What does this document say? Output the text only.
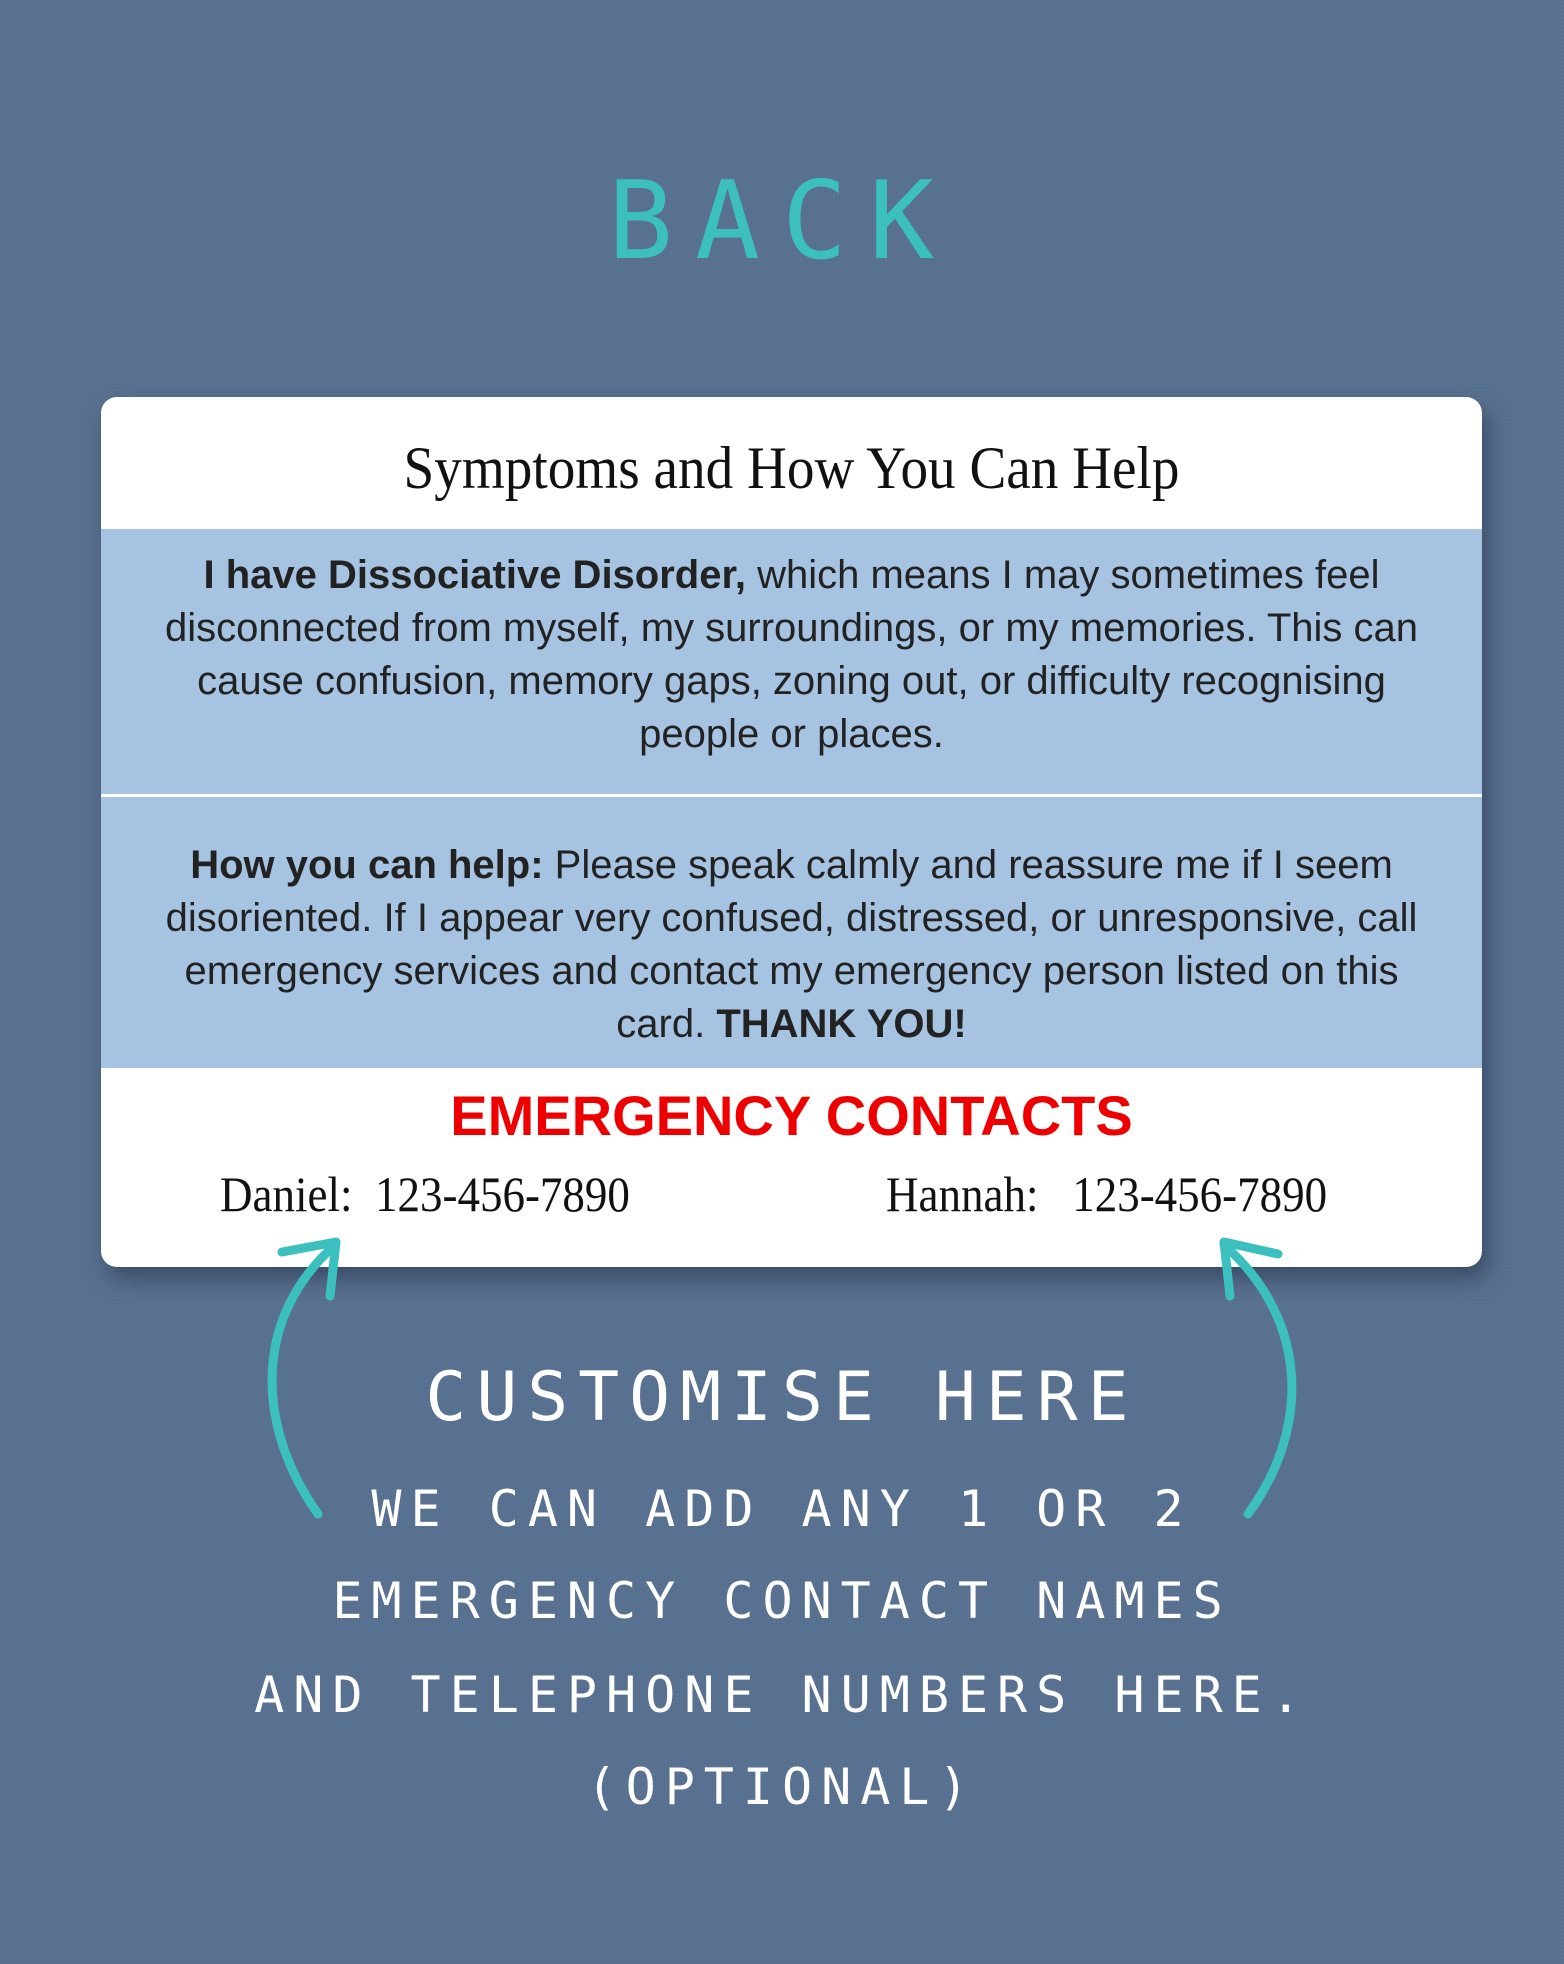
BACK
Symptoms and How You Can Help
I have Dissociative Disorder, which means I may sometimes feel disconnected from myself, my surroundings, or my memories. This can cause confusion, memory gaps, zoning out, or difficulty recognising people or places.
How you can help: Please speak calmly and reassure me if I seem disoriented. If I appear very confused, distressed, or unresponsive, call emergency services and contact my emergency person listed on this card. THANK YOU!
EMERGENCY CONTACTS
Daniel: 123-456-7890	Hannah: 123-456-7890
CUSTOMISE HERE
WE CAN ADD ANY 1 OR 2
EMERGENCY CONTACT NAMES
AND TELEPHONE NUMBERS HERE.
(OPTIONAL)
